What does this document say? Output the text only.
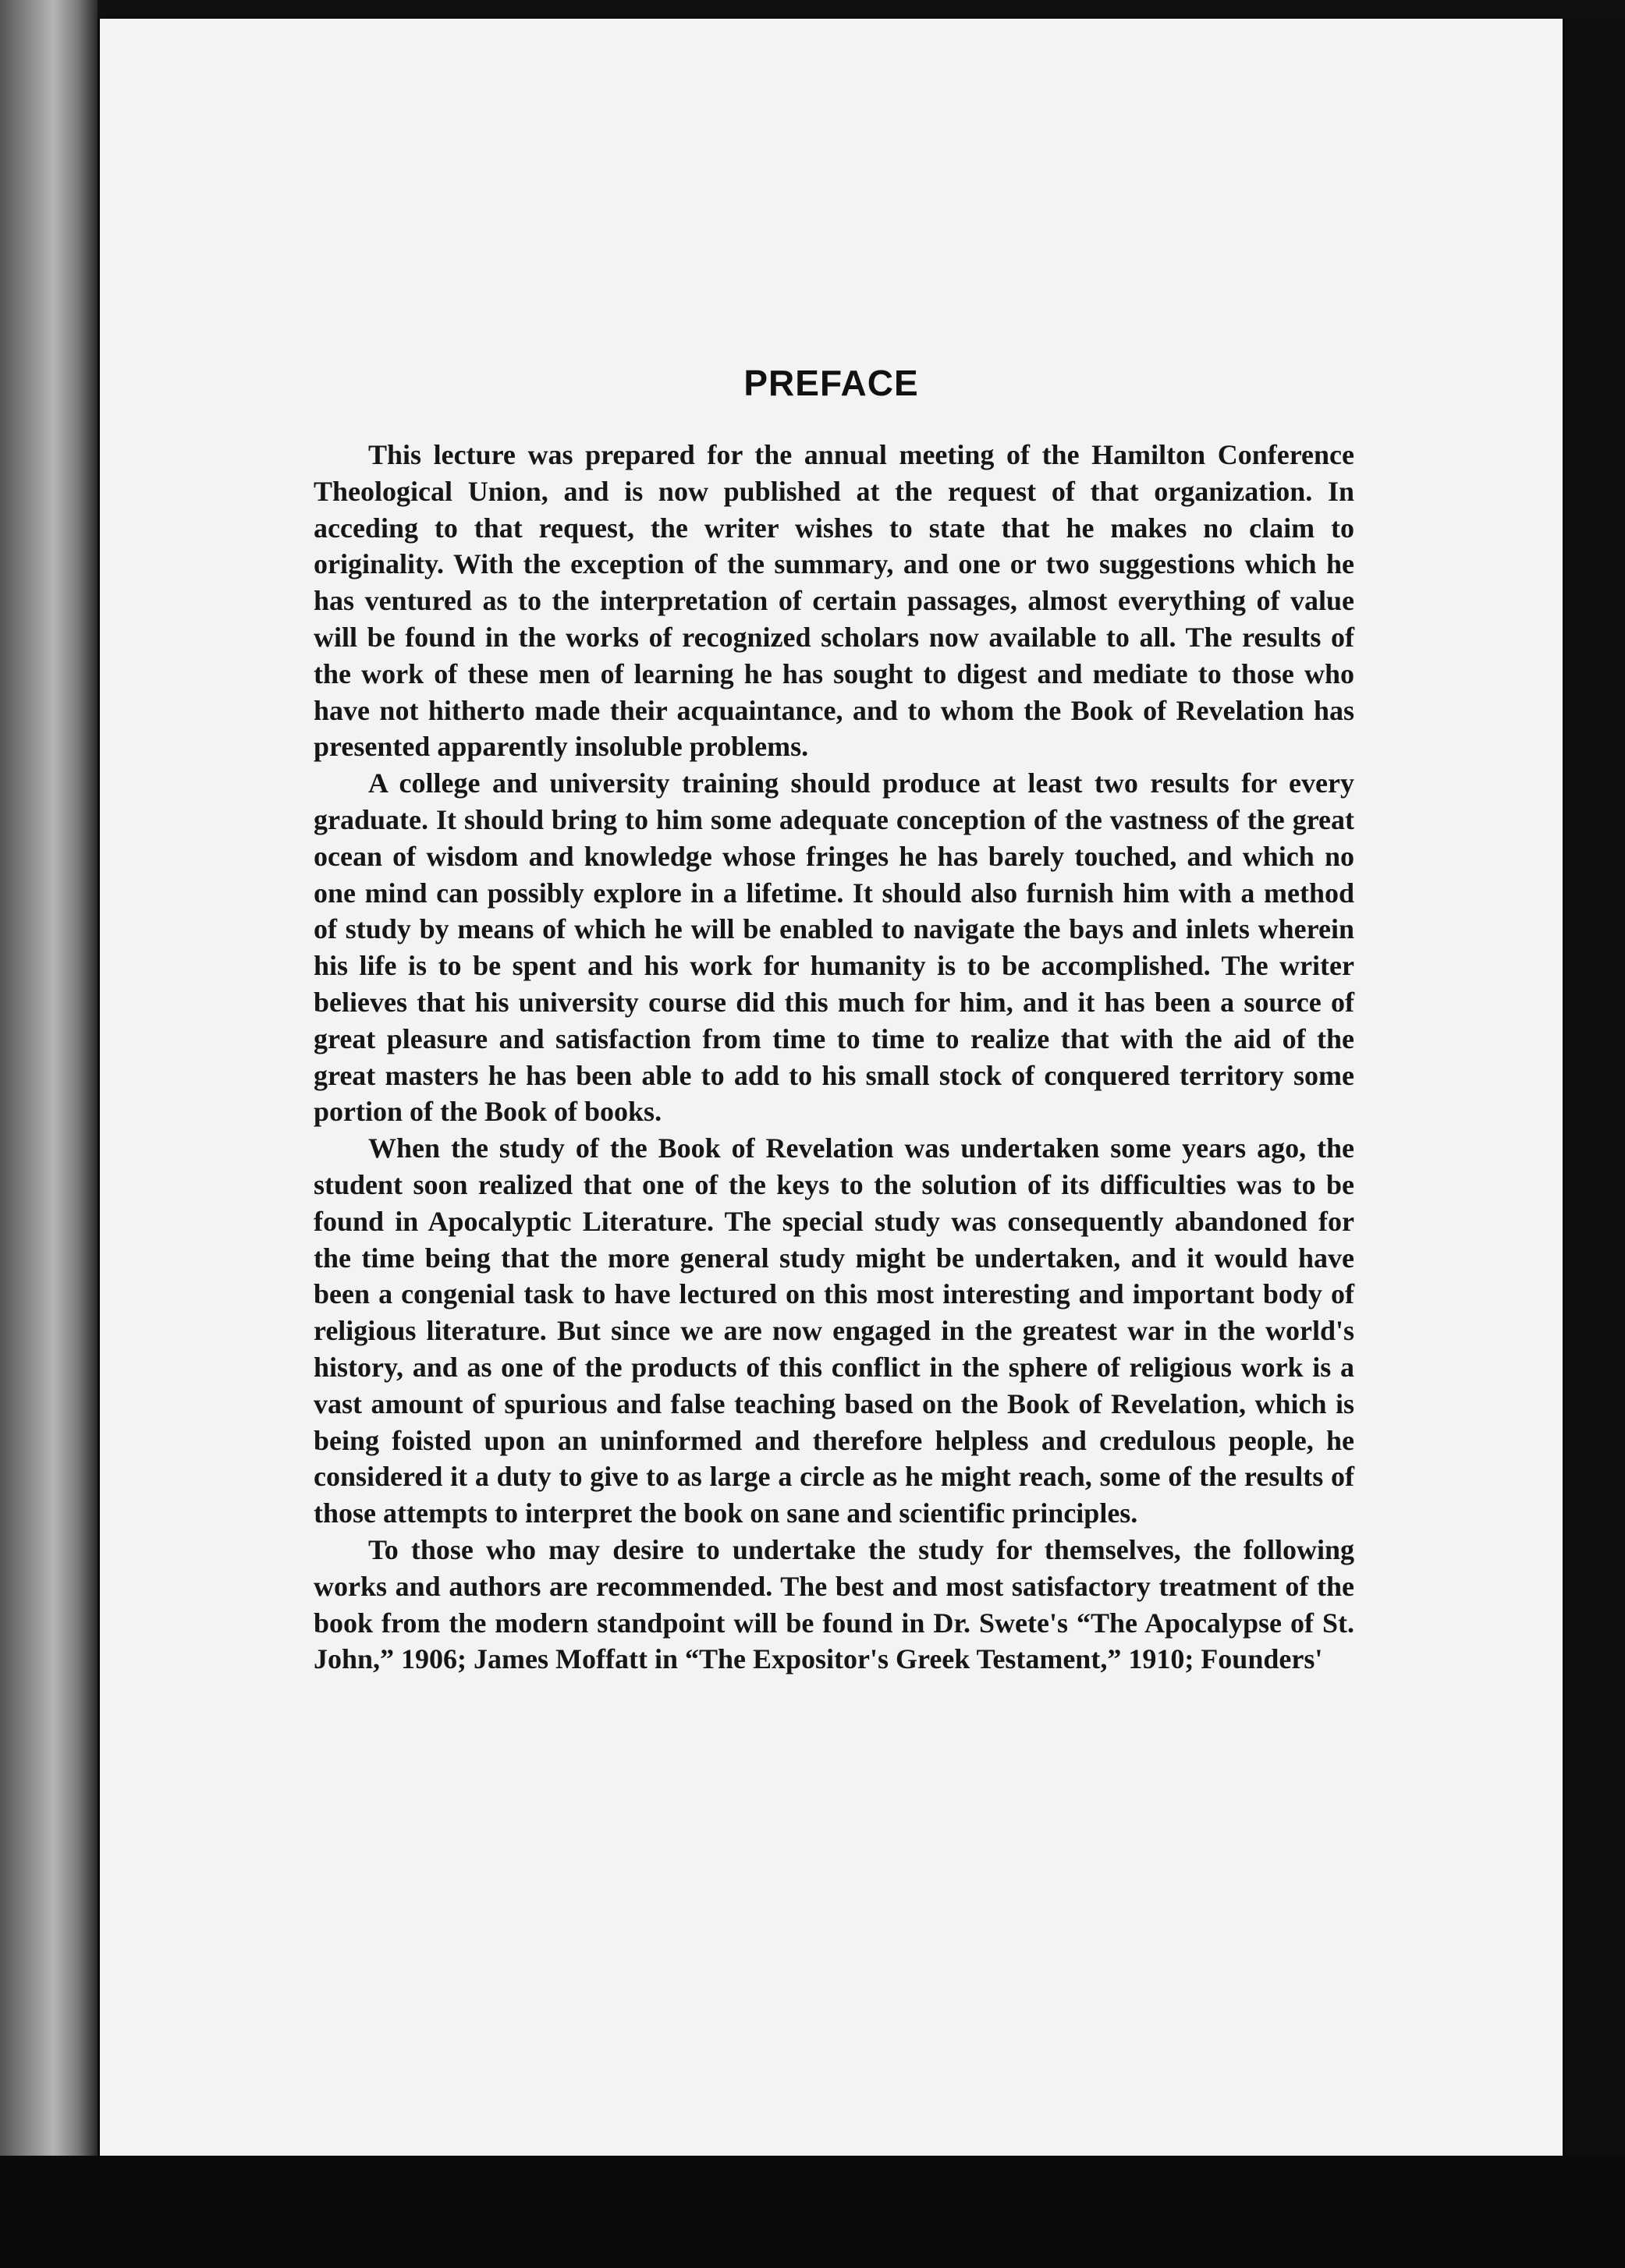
PREFACE

This lecture was prepared for the annual meeting of the Hamilton Conference Theological Union, and is now published at the request of that organization. In acceding to that request, the writer wishes to state that he makes no claim to originality. With the exception of the summary, and one or two suggestions which he has ventured as to the interpretation of certain passages, almost everything of value will be found in the works of recognized scholars now available to all. The results of the work of these men of learning he has sought to digest and mediate to those who have not hitherto made their acquaintance, and to whom the Book of Revelation has presented apparently insoluble problems.

A college and university training should produce at least two results for every graduate. It should bring to him some adequate conception of the vastness of the great ocean of wisdom and knowledge whose fringes he has barely touched, and which no one mind can possibly explore in a lifetime. It should also furnish him with a method of study by means of which he will be enabled to navigate the bays and inlets wherein his life is to be spent and his work for humanity is to be accomplished. The writer believes that his university course did this much for him, and it has been a source of great pleasure and satisfaction from time to time to realize that with the aid of the great masters he has been able to add to his small stock of conquered territory some portion of the Book of books.

When the study of the Book of Revelation was undertaken some years ago, the student soon realized that one of the keys to the solution of its difficulties was to be found in Apocalyptic Literature. The special study was consequently abandoned for the time being that the more general study might be undertaken, and it would have been a congenial task to have lectured on this most interesting and important body of religious literature. But since we are now engaged in the greatest war in the world's history, and as one of the products of this conflict in the sphere of religious work is a vast amount of spurious and false teaching based on the Book of Revelation, which is being foisted upon an uninformed and therefore helpless and credulous people, he considered it a duty to give to as large a circle as he might reach, some of the results of those attempts to interpret the book on sane and scientific principles.

To those who may desire to undertake the study for themselves, the following works and authors are recommended. The best and most satisfactory treatment of the book from the modern standpoint will be found in Dr. Swete's “The Apocalypse of St. John,” 1906; James Moffatt in “The Expositor's Greek Testament,” 1910; Founders'
